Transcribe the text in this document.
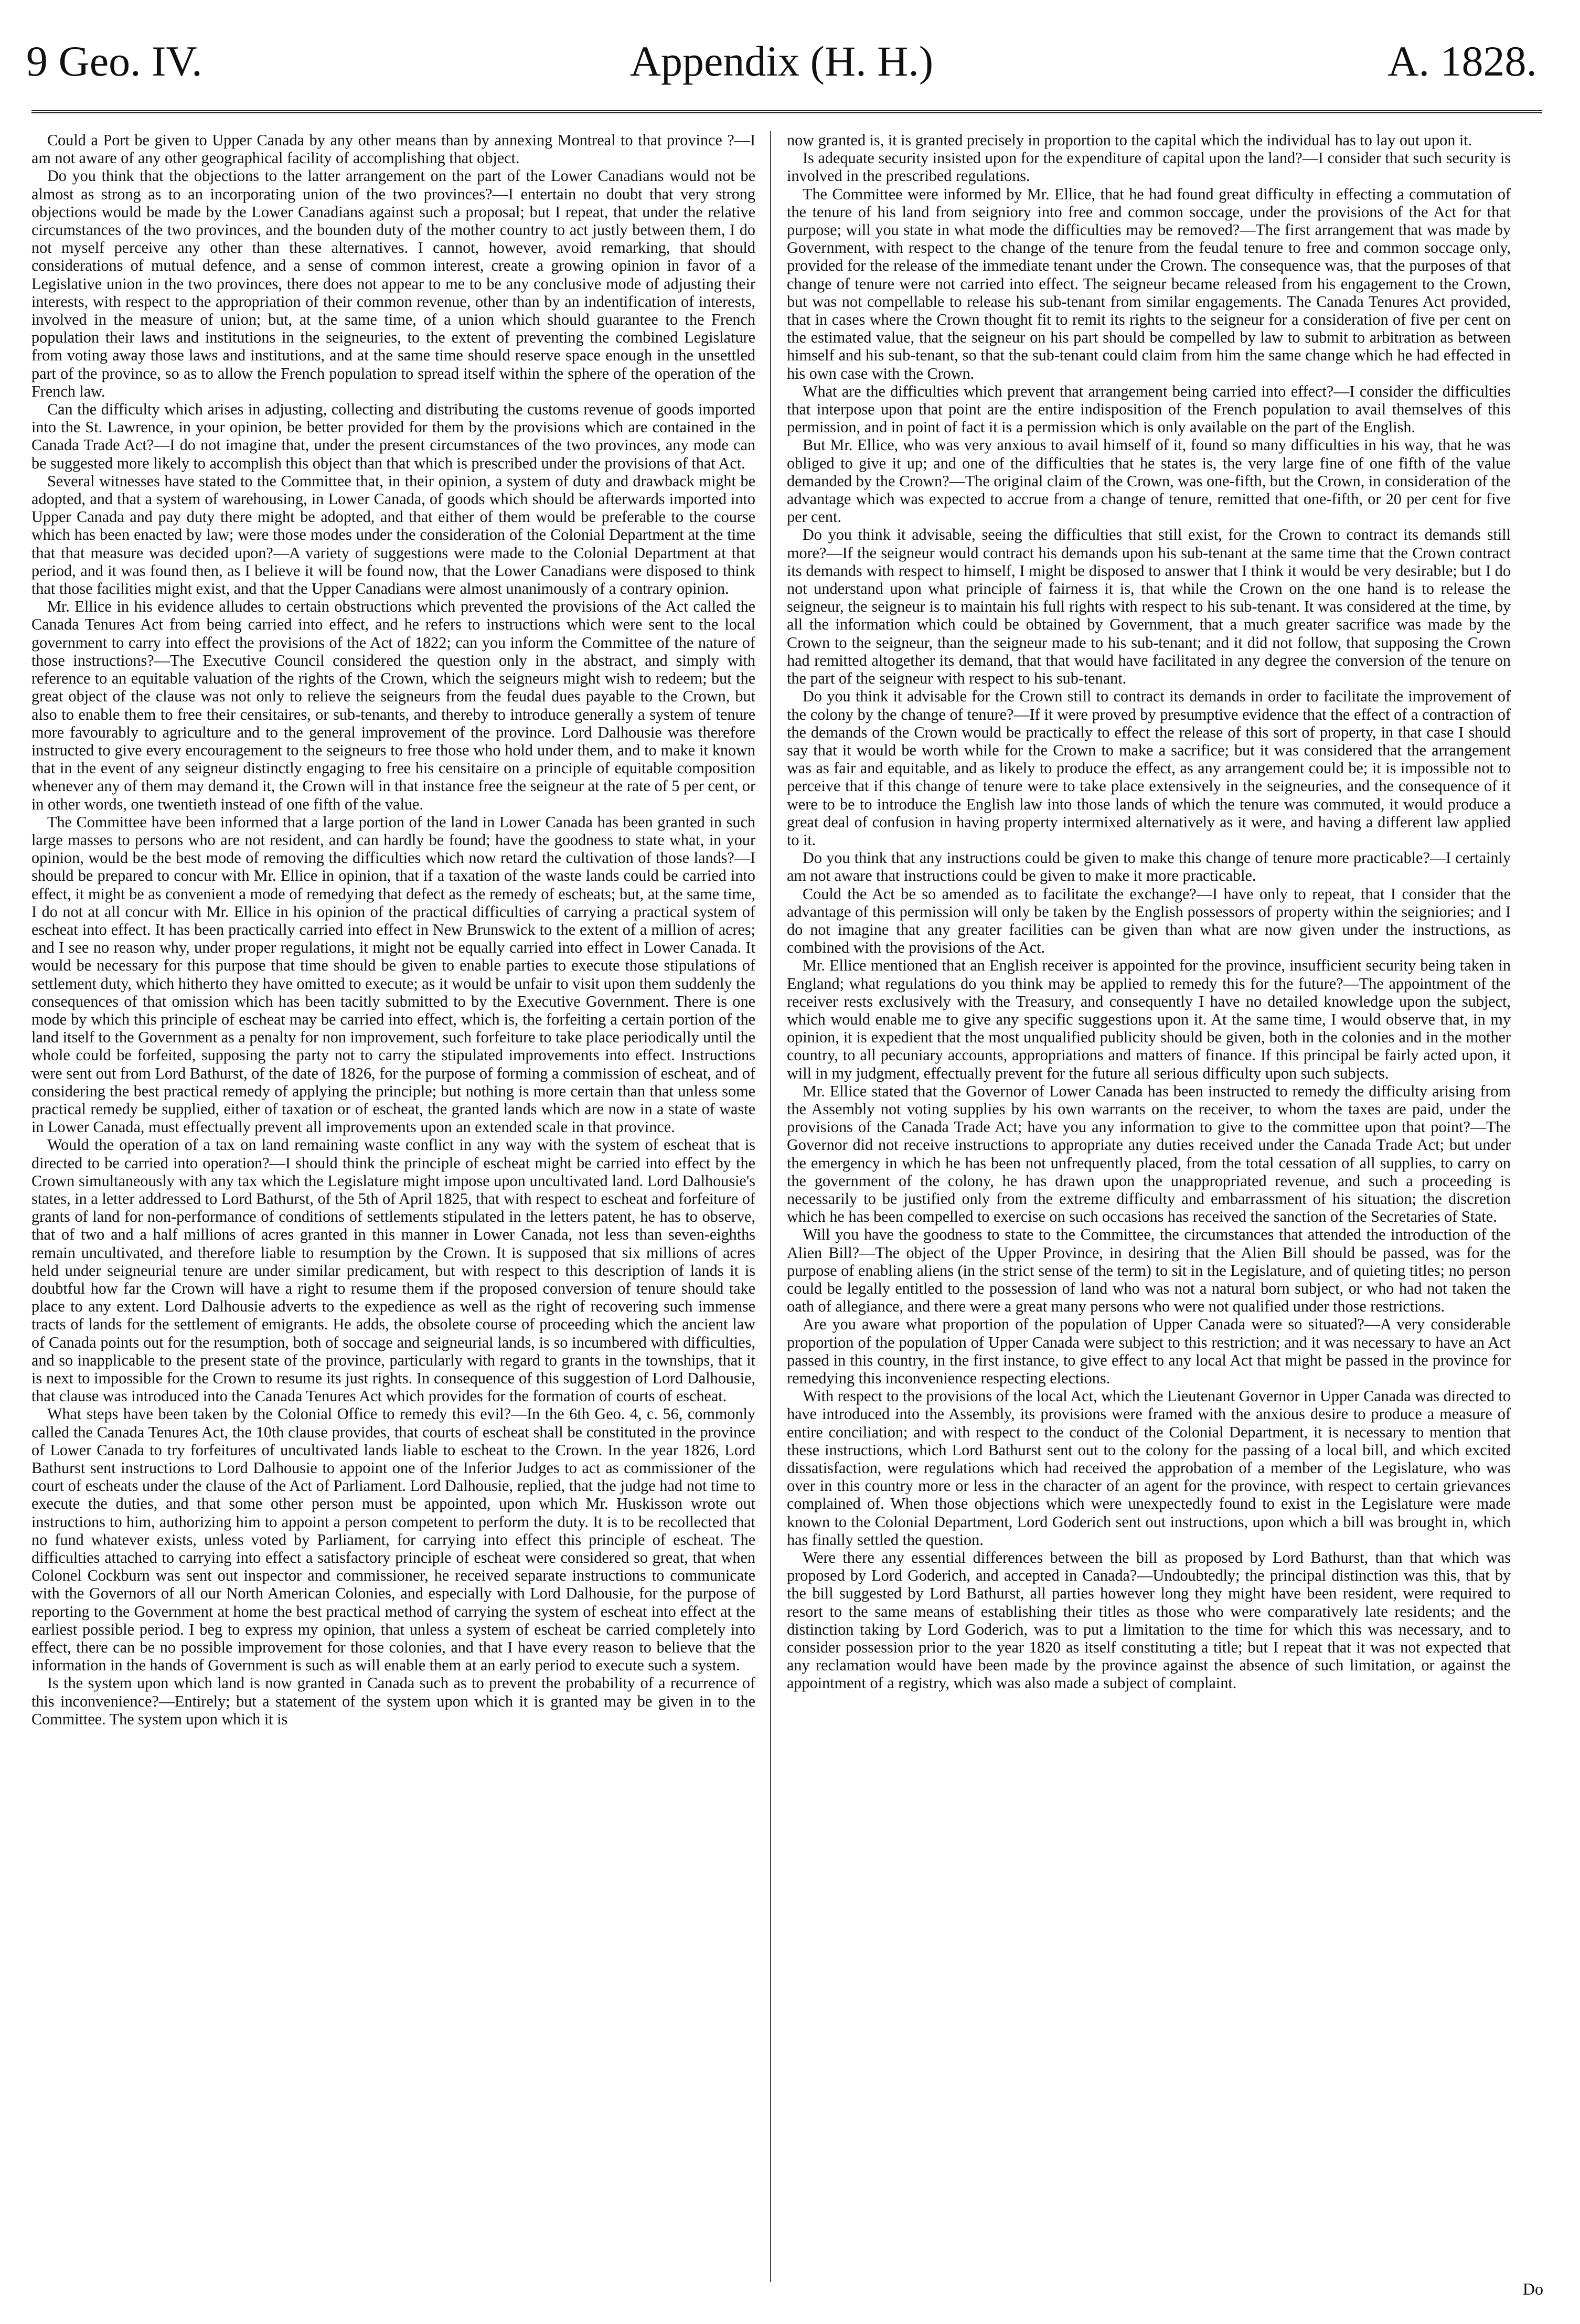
Appendix (H. H.)
9 Geo. IV.	A. 1828.

Could a Port be given to Upper Canada by any other means than by annexing Montreal to that province ?—I am not aware of any other geographical facility of accomplishing that object.

Do you think that the objections to the latter arrangement on the part of the Lower Canadians would not be almost as strong as to an incorporating union of the two provinces?—I entertain no doubt that very strong objections would be made by the Lower Canadians against such a proposal; but I repeat, that under the relative circumstances of the two provinces, and the bounden duty of the mother country to act justly between them, I do not myself perceive any other than these alternatives. I cannot, however, avoid remarking, that should considerations of mutual defence, and a sense of common interest, create a growing opinion in favor of a Legislative union in the two provinces, there does not appear to me to be any conclusive mode of adjusting their interests, with respect to the appropriation of their common revenue, other than by an indentification of interests, involved in the measure of union; but, at the same time, of a union which should guarantee to the French population their laws and institutions in the seigneuries, to the extent of preventing the combined Legislature from voting away those laws and institutions, and at the same time should reserve space enough in the unsettled part of the province, so as to allow the French population to spread itself within the sphere of the operation of the French law.

Can the difficulty which arises in adjusting, collecting and distributing the customs revenue of goods imported into the St. Lawrence, in your opinion, be better provided for them by the provisions which are contained in the Canada Trade Act?—I do not imagine that, under the present circumstances of the two provinces, any mode can be suggested more likely to accomplish this object than that which is prescribed under the provisions of that Act.

Several witnesses have stated to the Committee that, in their opinion, a system of duty and drawback might be adopted, and that a system of warehousing, in Lower Canada, of goods which should be afterwards imported into Upper Canada and pay duty there might be adopted, and that either of them would be preferable to the course which has been enacted by law; were those modes under the consideration of the Colonial Department at the time that that measure was decided upon?—A variety of suggestions were made to the Colonial Department at that period, and it was found then, as I believe it will be found now, that the Lower Canadians were disposed to think that those facilities might exist, and that the Upper Canadians were almost unanimously of a contrary opinion.

Mr. Ellice in his evidence alludes to certain obstructions which prevented the provisions of the Act called the Canada Tenures Act from being carried into effect, and he refers to instructions which were sent to the local government to carry into effect the provisions of the Act of 1822; can you inform the Committee of the nature of those instructions?—The Executive Council considered the question only in the abstract, and simply with reference to an equitable valuation of the rights of the Crown, which the seigneurs might wish to redeem; but the great object of the clause was not only to relieve the seigneurs from the feudal dues payable to the Crown, but also to enable them to free their censitaires, or sub-tenants, and thereby to introduce generally a system of tenure more favourably to agriculture and to the general improvement of the province. Lord Dalhousie was therefore instructed to give every encouragement to the seigneurs to free those who hold under them, and to make it known that in the event of any seigneur distinctly engaging to free his censitaire on a principle of equitable composition whenever any of them may demand it, the Crown will in that instance free the seigneur at the rate of 5 per cent, or in other words, one twentieth instead of one fifth of the value.

The Committee have been informed that a large portion of the land in Lower Canada has been granted in such large masses to persons who are not resident, and can hardly be found; have the goodness to state what, in your opinion, would be the best mode of removing the difficulties which now retard the cultivation of those lands?—I should be prepared to concur with Mr. Ellice in opinion, that if a taxation of the waste lands could be carried into effect, it might be as convenient a mode of remedying that defect as the remedy of escheats; but, at the same time, I do not at all concur with Mr. Ellice in his opinion of the practical difficulties of carrying a practical system of escheat into effect. It has been practically carried into effect in New Brunswick to the extent of a million of acres; and I see no reason why, under proper regulations, it might not be equally carried into effect in Lower Canada. It would be necessary for this purpose that time should be given to enable parties to execute those stipulations of settlement duty, which hitherto they have omitted to execute; as it would be unfair to visit upon them suddenly the consequences of that omission which has been tacitly submitted to by the Executive Government. There is one mode by which this principle of escheat may be carried into effect, which is, the forfeiting a certain portion of the land itself to the Government as a penalty for non improvement, such forfeiture to take place periodically until the whole could be forfeited, supposing the party not to carry the stipulated improvements into effect. Instructions were sent out from Lord Bathurst, of the date of 1826, for the purpose of forming a commission of escheat, and of considering the best practical remedy of applying the principle; but nothing is more certain than that unless some practical remedy be supplied, either of taxation or of escheat, the granted lands which are now in a state of waste in Lower Canada, must effectually prevent all improvements upon an extended scale in that province.

Would the operation of a tax on land remaining waste conflict in any way with the system of escheat that is directed to be carried into operation?—I should think the principle of escheat might be carried into effect by the Crown simultaneously with any tax which the Legislature might impose upon uncultivated land. Lord Dalhousie's states, in a letter addressed to Lord Bathurst, of the 5th of April 1825, that with respect to escheat and forfeiture of grants of land for non-performance of conditions of settlements stipulated in the letters patent, he has to observe, that of two and a half millions of acres granted in this manner in Lower Canada, not less than seven-eighths remain uncultivated, and therefore liable to resumption by the Crown. It is supposed that six millions of acres held under seigneurial tenure are under similar predicament, but with respect to this description of lands it is doubtful how far the Crown will have a right to resume them if the proposed conversion of tenure should take place to any extent. Lord Dalhousie adverts to the expedience as well as the right of recovering such immense tracts of lands for the settlement of emigrants. He adds, the obsolete course of proceeding which the ancient law of Canada points out for the resumption, both of soccage and seigneurial lands, is so incumbered with difficulties, and so inapplicable to the present state of the province, particularly with regard to grants in the townships, that it is next to impossible for the Crown to resume its just rights. In consequence of this suggestion of Lord Dalhousie, that clause was introduced into the Canada Tenures Act which provides for the formation of courts of escheat.

What steps have been taken by the Colonial Office to remedy this evil?—In the 6th Geo. 4, c. 56, commonly called the Canada Tenures Act, the 10th clause provides, that courts of escheat shall be constituted in the province of Lower Canada to try forfeitures of uncultivated lands liable to escheat to the Crown. In the year 1826, Lord Bathurst sent instructions to Lord Dalhousie to appoint one of the Inferior Judges to act as commissioner of the court of escheats under the clause of the Act of Parliament. Lord Dalhousie, replied, that the judge had not time to execute the duties, and that some other person must be appointed, upon which Mr. Huskisson wrote out instructions to him, authorizing him to appoint a person competent to perform the duty. It is to be recollected that no fund whatever exists, unless voted by Parliament, for carrying into effect this principle of escheat. The difficulties attached to carrying into effect a satisfactory principle of escheat were considered so great, that when Colonel Cockburn was sent out inspector and commissioner, he received separate instructions to communicate with the Governors of all our North American Colonies, and especially with Lord Dalhousie, for the purpose of reporting to the Government at home the best practical method of carrying the system of escheat into effect at the earliest possible period. I beg to express my opinion, that unless a system of escheat be carried completely into effect, there can be no possible improvement for those colonies, and that I have every reason to believe that the information in the hands of Government is such as will enable them at an early period to execute such a system.

Is the system upon which land is now granted in Canada such as to prevent the probability of a recurrence of this inconvenience?—Entirely; but a statement of the system upon which it is granted may be given in to the Committee. The system upon which it is

now granted is, it is granted precisely in proportion to the capital which the individual has to lay out upon it.

Is adequate security insisted upon for the expenditure of capital upon the land?—I consider that such security is involved in the prescribed regulations.

The Committee were informed by Mr. Ellice, that he had found great difficulty in effecting a commutation of the tenure of his land from seigniory into free and common soccage, under the provisions of the Act for that purpose; will you state in what mode the difficulties may be removed?—The first arrangement that was made by Government, with respect to the change of the tenure from the feudal tenure to free and common soccage only, provided for the release of the immediate tenant under the Crown. The consequence was, that the purposes of that change of tenure were not carried into effect. The seigneur became released from his engagement to the Crown, but was not compellable to release his sub-tenant from similar engagements. The Canada Tenures Act provided, that in cases where the Crown thought fit to remit its rights to the seigneur for a consideration of five per cent on the estimated value, that the seigneur on his part should be compelled by law to submit to arbitration as between himself and his sub-tenant, so that the sub-tenant could claim from him the same change which he had effected in his own case with the Crown.

What are the difficulties which prevent that arrangement being carried into effect?—I consider the difficulties that interpose upon that point are the entire indisposition of the French population to avail themselves of this permission, and in point of fact it is a permission which is only available on the part of the English.

But Mr. Ellice, who was very anxious to avail himself of it, found so many difficulties in his way, that he was obliged to give it up; and one of the difficulties that he states is, the very large fine of one fifth of the value demanded by the Crown?—The original claim of the Crown, was one-fifth, but the Crown, in consideration of the advantage which was expected to accrue from a change of tenure, remitted that one-fifth, or 20 per cent for five per cent.

Do you think it advisable, seeing the difficulties that still exist, for the Crown to contract its demands still more?—If the seigneur would contract his demands upon his sub-tenant at the same time that the Crown contract its demands with respect to himself, I might be disposed to answer that I think it would be very desirable; but I do not understand upon what principle of fairness it is, that while the Crown on the one hand is to release the seigneur, the seigneur is to maintain his full rights with respect to his sub-tenant. It was considered at the time, by all the information which could be obtained by Government, that a much greater sacrifice was made by the Crown to the seigneur, than the seigneur made to his sub-tenant; and it did not follow, that supposing the Crown had remitted altogether its demand, that that would have facilitated in any degree the conversion of the tenure on the part of the seigneur with respect to his sub-tenant.

Do you think it advisable for the Crown still to contract its demands in order to facilitate the improvement of the colony by the change of tenure?—If it were proved by presumptive evidence that the effect of a contraction of the demands of the Crown would be practically to effect the release of this sort of property, in that case I should say that it would be worth while for the Crown to make a sacrifice; but it was considered that the arrangement was as fair and equitable, and as likely to produce the effect, as any arrangement could be; it is impossible not to perceive that if this change of tenure were to take place extensively in the seigneuries, and the consequence of it were to be to introduce the English law into those lands of which the tenure was commuted, it would produce a great deal of confusion in having property intermixed alternatively as it were, and having a different law applied to it.

Do you think that any instructions could be given to make this change of tenure more practicable?—I certainly am not aware that instructions could be given to make it more practicable.

Could the Act be so amended as to facilitate the exchange?—I have only to repeat, that I consider that the advantage of this permission will only be taken by the English possessors of property within the seigniories; and I do not imagine that any greater facilities can be given than what are now given under the instructions, as combined with the provisions of the Act.

Mr. Ellice mentioned that an English receiver is appointed for the province, insufficient security being taken in England; what regulations do you think may be applied to remedy this for the future?—The appointment of the receiver rests exclusively with the Treasury, and consequently I have no detailed knowledge upon the subject, which would enable me to give any specific suggestions upon it. At the same time, I would observe that, in my opinion, it is expedient that the most unqualified publicity should be given, both in the colonies and in the mother country, to all pecuniary accounts, appropriations and matters of finance. If this principal be fairly acted upon, it will in my judgment, effectually prevent for the future all serious difficulty upon such subjects.

Mr. Ellice stated that the Governor of Lower Canada has been instructed to remedy the difficulty arising from the Assembly not voting supplies by his own warrants on the receiver, to whom the taxes are paid, under the provisions of the Canada Trade Act; have you any information to give to the committee upon that point?—The Governor did not receive instructions to appropriate any duties received under the Canada Trade Act; but under the emergency in which he has been not unfrequently placed, from the total cessation of all supplies, to carry on the government of the colony, he has drawn upon the unappropriated revenue, and such a proceeding is necessarily to be justified only from the extreme difficulty and embarrassment of his situation; the discretion which he has been compelled to exercise on such occasions has received the sanction of the Secretaries of State.

Will you have the goodness to state to the Committee, the circumstances that attended the introduction of the Alien Bill?—The object of the Upper Province, in desiring that the Alien Bill should be passed, was for the purpose of enabling aliens (in the strict sense of the term) to sit in the Legislature, and of quieting titles; no person could be legally entitled to the possession of land who was not a natural born subject, or who had not taken the oath of allegiance, and there were a great many persons who were not qualified under those restrictions.

Are you aware what proportion of the population of Upper Canada were so situated?—A very considerable proportion of the population of Upper Canada were subject to this restriction; and it was necessary to have an Act passed in this country, in the first instance, to give effect to any local Act that might be passed in the province for remedying this inconvenience respecting elections.

With respect to the provisions of the local Act, which the Lieutenant Governor in Upper Canada was directed to have introduced into the Assembly, its provisions were framed with the anxious desire to produce a measure of entire conciliation; and with respect to the conduct of the Colonial Department, it is necessary to mention that these instructions, which Lord Bathurst sent out to the colony for the passing of a local bill, and which excited dissatisfaction, were regulations which had received the approbation of a member of the Legislature, who was over in this country more or less in the character of an agent for the province, with respect to certain grievances complained of. When those objections which were unexpectedly found to exist in the Legislature were made known to the Colonial Department, Lord Goderich sent out instructions, upon which a bill was brought in, which has finally settled the question.

Were there any essential differences between the bill as proposed by Lord Bathurst, than that which was proposed by Lord Goderich, and accepted in Canada?—Undoubtedly; the principal distinction was this, that by the bill suggested by Lord Bathurst, all parties however long they might have been resident, were required to resort to the same means of establishing their titles as those who were comparatively late residents; and the distinction taking by Lord Goderich, was to put a limitation to the time for which this was necessary, and to consider possession prior to the year 1820 as itself constituting a title; but I repeat that it was not expected that any reclamation would have been made by the province against the absence of such limitation, or against the appointment of a registry, which was also made a subject of complaint.

Do
